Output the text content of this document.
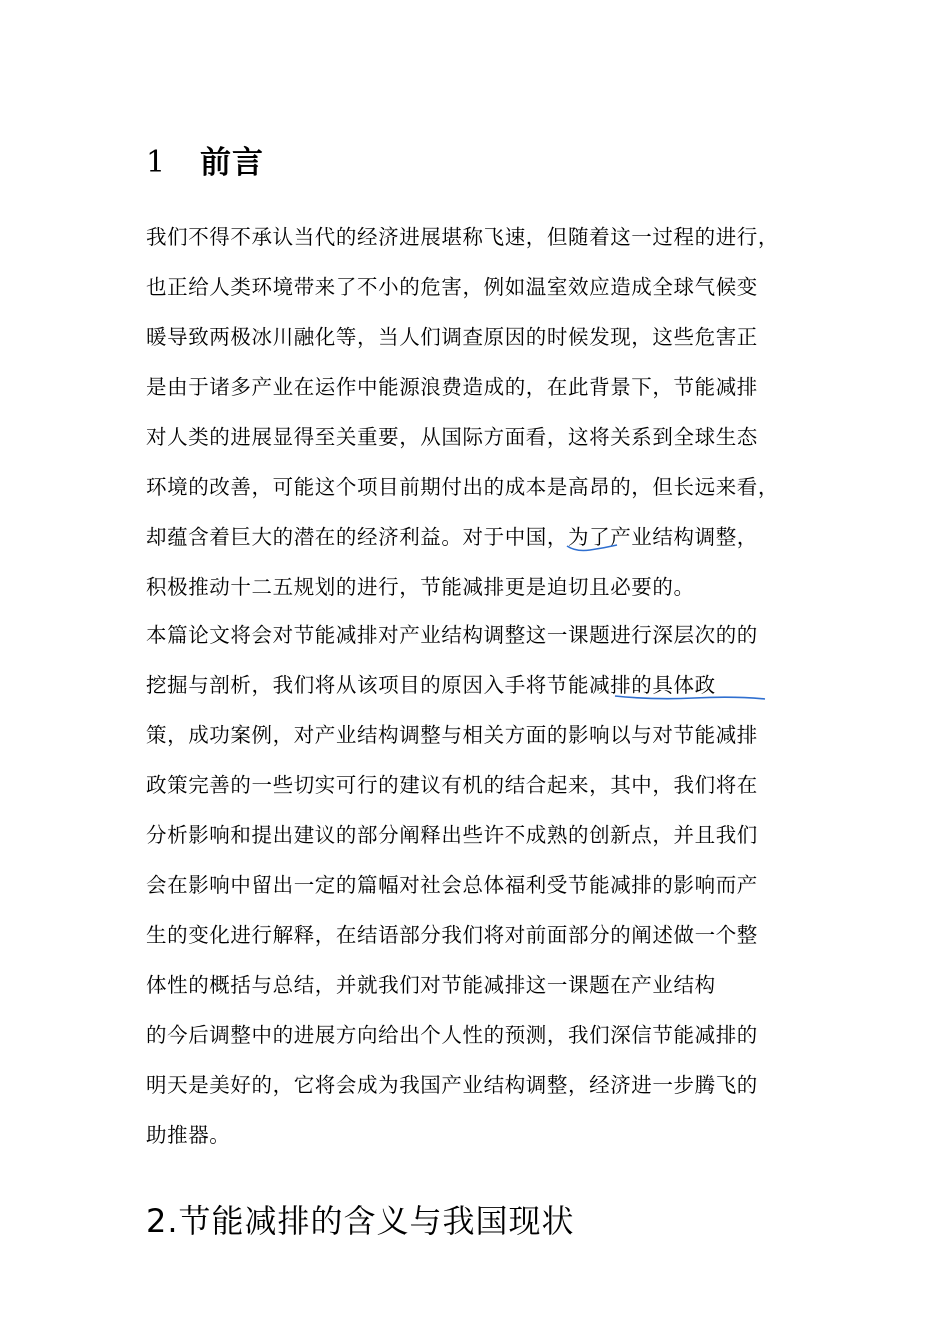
1	前言
我们不得不承认当代的经济进展堪称飞速，但随着这一过程的进行，
也正给人类环境带来了不小的危害，例如温室效应造成全球气候变
暖导致两极冰川融化等，当人们调查原因的时候发现，这些危害正
是由于诸多产业在运作中能源浪费造成的，在此背景下，节能减排
对人类的进展显得至关重要，从国际方面看，这将关系到全球生态
环境的改善，可能这个项目前期付出的成本是高昂的，但长远来看，
却蕴含着巨大的潜在的经济利益。对于中国，为了产业结构调整，
积极推动十二五规划的进行，节能减排更是迫切且必要的。
本篇论文将会对节能减排对产业结构调整这一课题进行深层次的的
挖掘与剖析，我们将从该项目的原因入手将节能减排的具体政
策，成功案例，对产业结构调整与相关方面的影响以与对节能减排
政策完善的一些切实可行的建议有机的结合起来，其中，我们将在
分析影响和提出建议的部分阐释出些许不成熟的创新点，并且我们
会在影响中留出一定的篇幅对社会总体福利受节能减排的影响而产
生的变化进行解释，在结语部分我们将对前面部分的阐述做一个整
体性的概括与总结，并就我们对节能减排这一课题在产业结构
的今后调整中的进展方向给出个人性的预测，我们深信节能减排的
明天是美好的，它将会成为我国产业结构调整，经济进一步腾飞的
助推器。
2.节能减排的含义与我国现状
